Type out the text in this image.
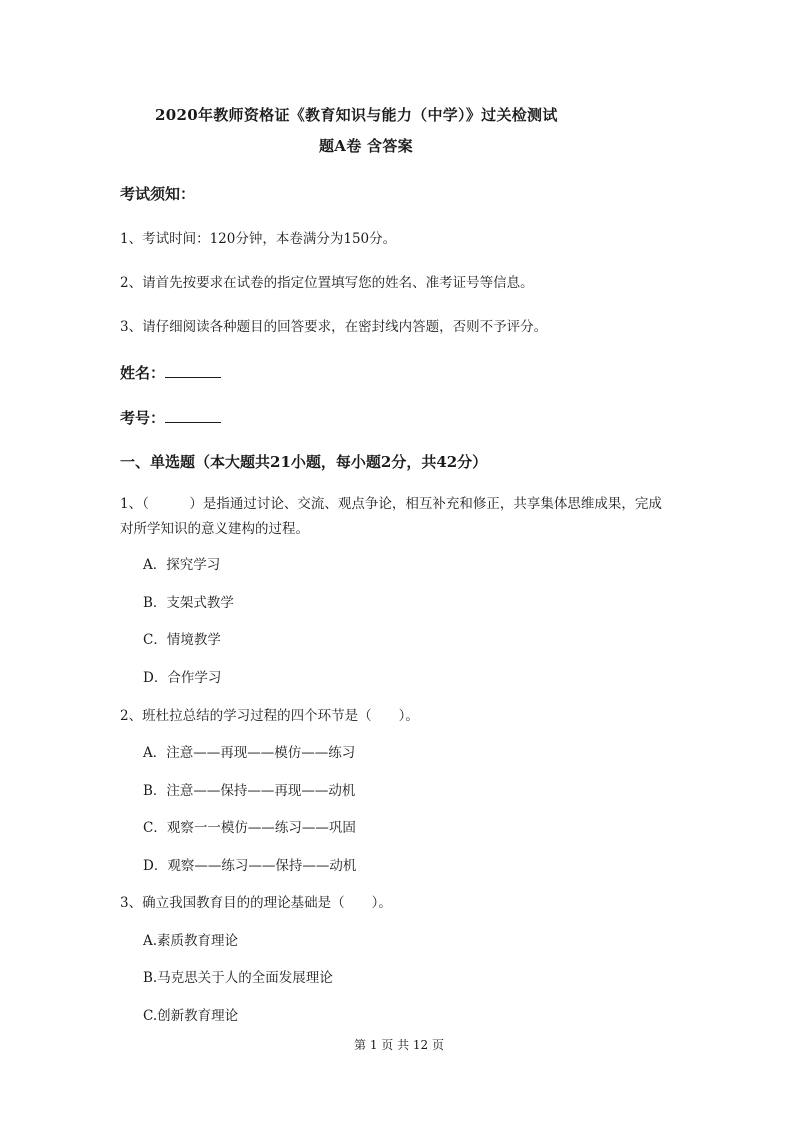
2020年教师资格证《教育知识与能力（中学）》过关检测试
题A卷 含答案
考试须知：
1、考试时间：120分钟，本卷满分为150分。
2、请首先按要求在试卷的指定位置填写您的姓名、准考证号等信息。
3、请仔细阅读各种题目的回答要求，在密封线内答题，否则不予评分。
姓名：
考号：
一、单选题（本大题共21小题，每小题2分，共42分）
1、（　　　）是指通过讨论、交流、观点争论，相互补充和修正，共享集体思维成果，完成
对所学知识的意义建构的过程。
A．探究学习
B．支架式教学
C．情境教学
D．合作学习
2、班杜拉总结的学习过程的四个环节是（　　）。
A．注意——再现——模仿——练习
B．注意——保持——再现——动机
C．观察一一模仿——练习——巩固
D．观察——练习——保持——动机
3、确立我国教育目的的理论基础是（　　）。
A.素质教育理论
B.马克思关于人的全面发展理论
C.创新教育理论
第 1 页 共 12 页
